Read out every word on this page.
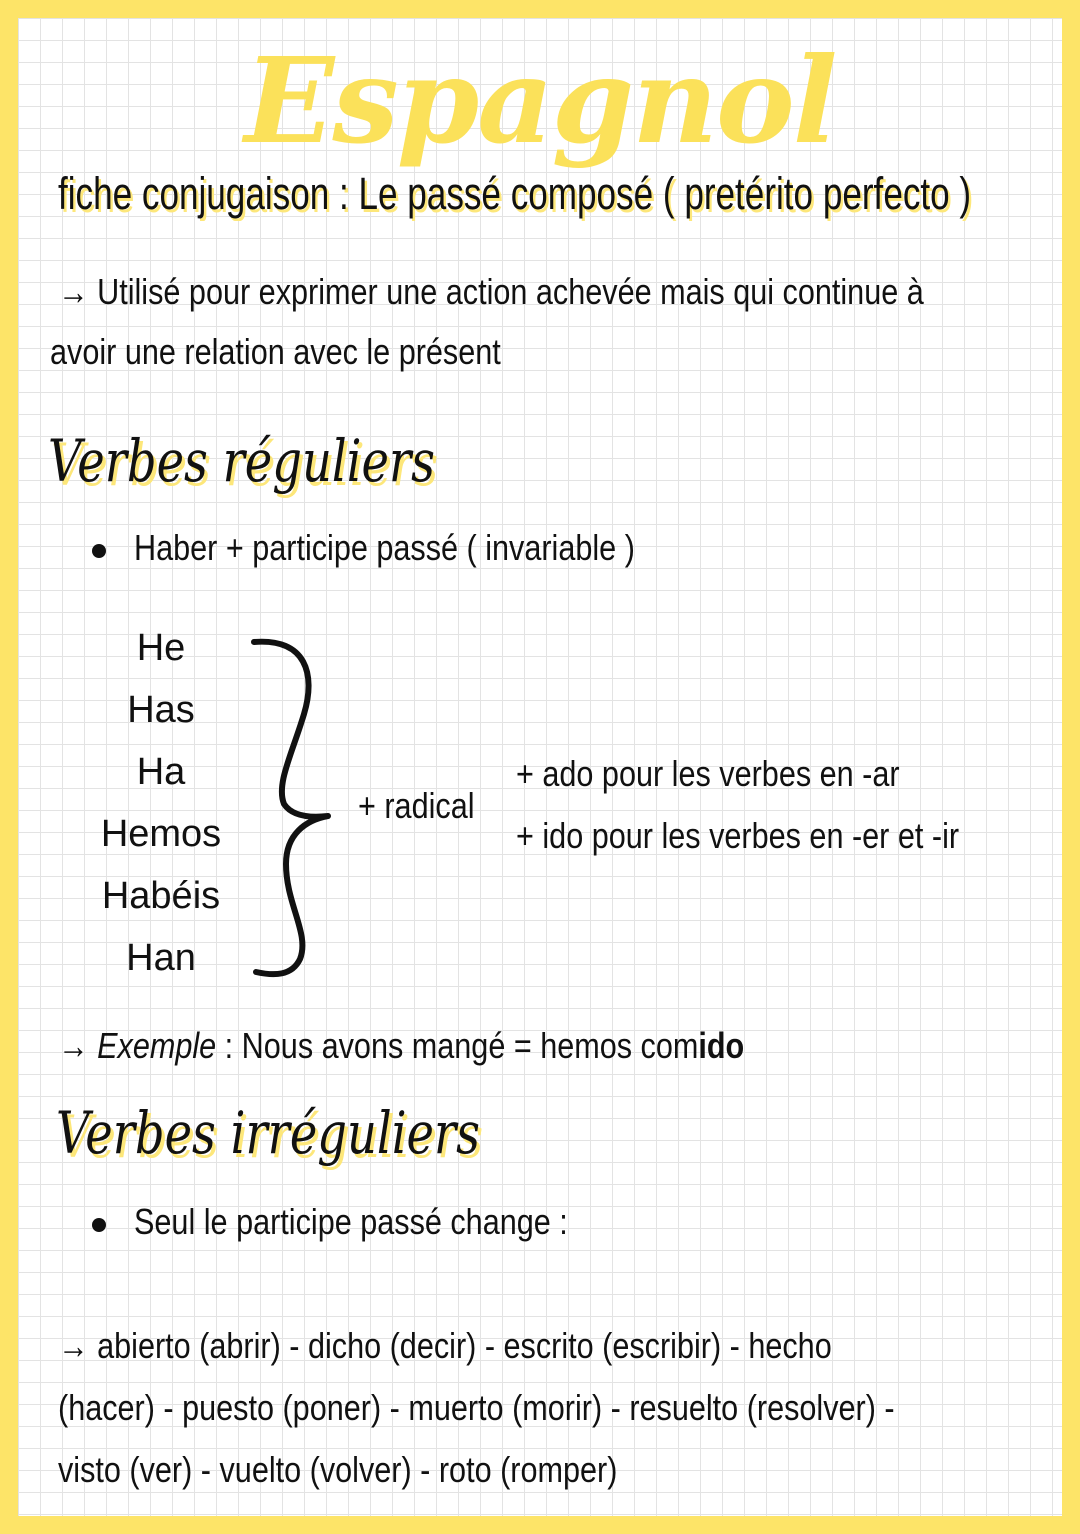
Espagnol
fiche conjugaison : Le passé composé ( pretérito perfecto )
→ Utilisé pour exprimer une action achevée mais qui continue à
avoir une relation avec le présent
Verbes réguliers
Haber + participe passé ( invariable )
He
Has
Ha
Hemos
Habéis
Han
+ radical
+ ado pour les verbes en -ar
+ ido pour les verbes en -er et -ir
→ Exemple : Nous avons mangé = hemos comido
Verbes irréguliers
Seul le participe passé change :
→ abierto (abrir) - dicho (decir) - escrito (escribir) - hecho
(hacer) - puesto (poner) - muerto (morir) - resuelto (resolver) -
visto (ver) - vuelto (volver) - roto (romper)
